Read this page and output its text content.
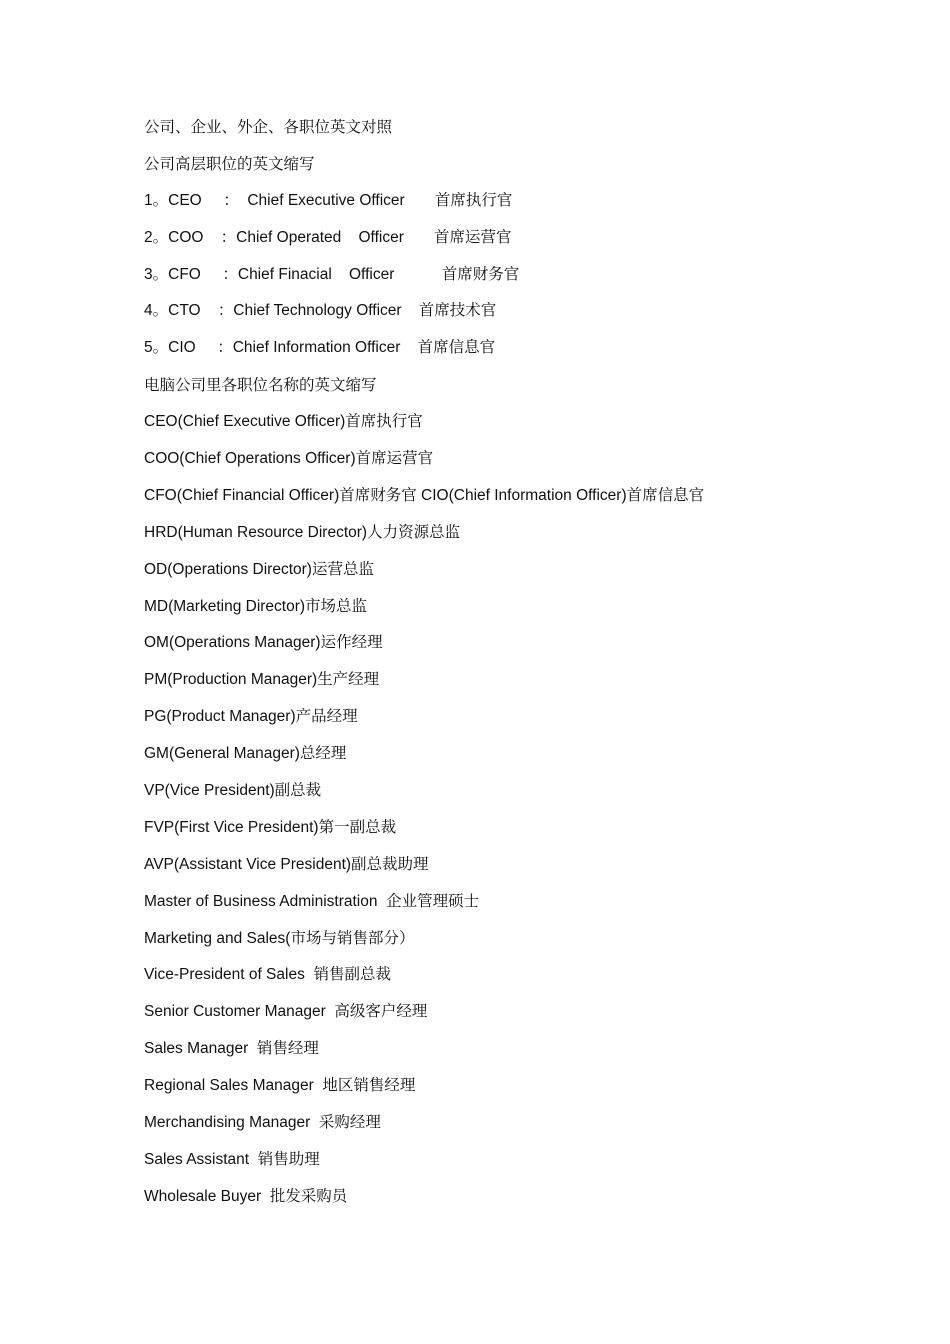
公司、企业、外企、各职位英文对照
公司高层职位的英文缩写
1。CEO     ：  Chief Executive Officer       首席执行官
2。COO    ：Chief Operated    Officer       首席运营官
3。CFO     ：Chief Finacial    Officer           首席财务官
4。CTO    ：Chief Technology Officer    首席技术官
5。CIO     ：Chief Information Officer    首席信息官
电脑公司里各职位名称的英文缩写
CEO(Chief Executive Officer)首席执行官
COO(Chief Operations Officer)首席运营官
CFO(Chief Financial Officer)首席财务官 CIO(Chief Information Officer)首席信息官
HRD(Human Resource Director)人力资源总监
OD(Operations Director)运营总监
MD(Marketing Director)市场总监
OM(Operations Manager)运作经理
PM(Production Manager)生产经理
PG(Product Manager)产品经理
GM(General Manager)总经理
VP(Vice President)副总裁
FVP(First Vice President)第一副总裁
AVP(Assistant Vice President)副总裁助理
Master of Business Administration  企业管理硕士
Marketing and Sales(市场与销售部分）
Vice-President of Sales  销售副总裁
Senior Customer Manager  高级客户经理
Sales Manager  销售经理
Regional Sales Manager  地区销售经理
Merchandising Manager  采购经理
Sales Assistant  销售助理
Wholesale Buyer  批发采购员
